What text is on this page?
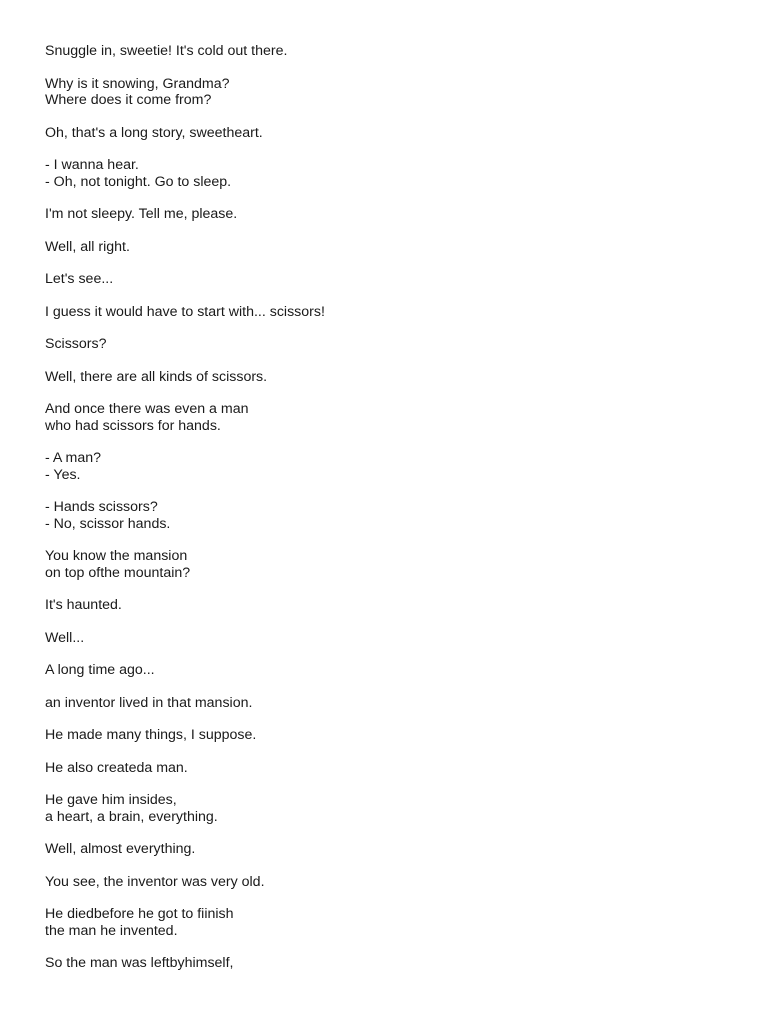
Snuggle in, sweetie! It's cold out there.

Why is it snowing, Grandma?
Where does it come from?

Oh, that's a long story, sweetheart.

- I wanna hear.
- Oh, not tonight. Go to sleep.

I'm not sleepy. Tell me, please.

Well, all right.

Let's see...

I guess it would have to start with... scissors!

Scissors?

Well, there are all kinds of scissors.

And once there was even a man
who had scissors for hands.

- A man?
- Yes.

- Hands scissors?
- No, scissor hands.

You know the mansion
on top ofthe mountain?

It's haunted.

Well...

A long time ago...

an inventor lived in that mansion.

He made many things, I suppose.

He also createda man.

He gave him insides,
a heart, a brain, everything.

Well, almost everything.

You see, the inventor was very old.

He diedbefore he got to fiinish
the man he invented.

So the man was leftbyhimself,
